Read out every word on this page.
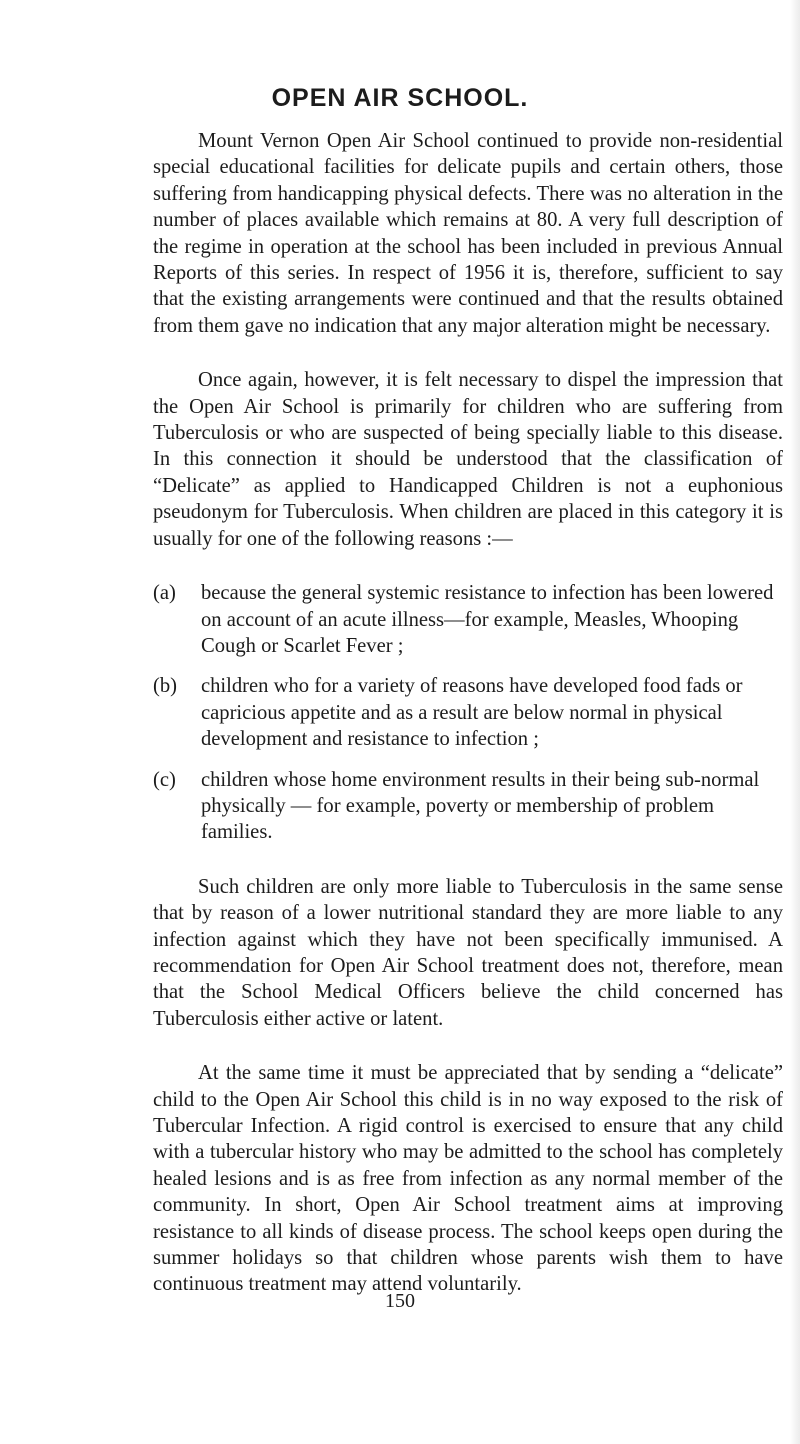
OPEN AIR SCHOOL.

Mount Vernon Open Air School continued to provide non-residential special educational facilities for delicate pupils and certain others, those suffering from handicapping physical defects. There was no alteration in the number of places available which remains at 80. A very full description of the regime in operation at the school has been included in previous Annual Reports of this series. In respect of 1956 it is, therefore, sufficient to say that the existing arrangements were continued and that the results obtained from them gave no indication that any major alteration might be necessary.

Once again, however, it is felt necessary to dispel the impression that the Open Air School is primarily for children who are suffering from Tuberculosis or who are suspected of being specially liable to this disease. In this connection it should be understood that the classification of “Delicate” as applied to Handicapped Children is not a euphonious pseudonym for Tuberculosis. When children are placed in this category it is usually for one of the following reasons :—

(a)	because the general systemic resistance to infection has been lowered on account of an acute illness—for example, Measles, Whooping Cough or Scarlet Fever ;
(b)	children who for a variety of reasons have developed food fads or capricious appetite and as a result are below normal in physical development and resistance to infection ;
(c)	children whose home environment results in their being sub-normal physically — for example, poverty or membership of problem families.

Such children are only more liable to Tuberculosis in the same sense that by reason of a lower nutritional standard they are more liable to any infection against which they have not been specifically immunised. A recommendation for Open Air School treatment does not, therefore, mean that the School Medical Officers believe the child concerned has Tuberculosis either active or latent.

At the same time it must be appreciated that by sending a “delicate” child to the Open Air School this child is in no way exposed to the risk of Tubercular Infection. A rigid control is exercised to ensure that any child with a tubercular history who may be admitted to the school has completely healed lesions and is as free from infection as any normal member of the community. In short, Open Air School treatment aims at improving resistance to all kinds of disease process. The school keeps open during the summer holidays so that children whose parents wish them to have continuous treatment may attend voluntarily.

150
